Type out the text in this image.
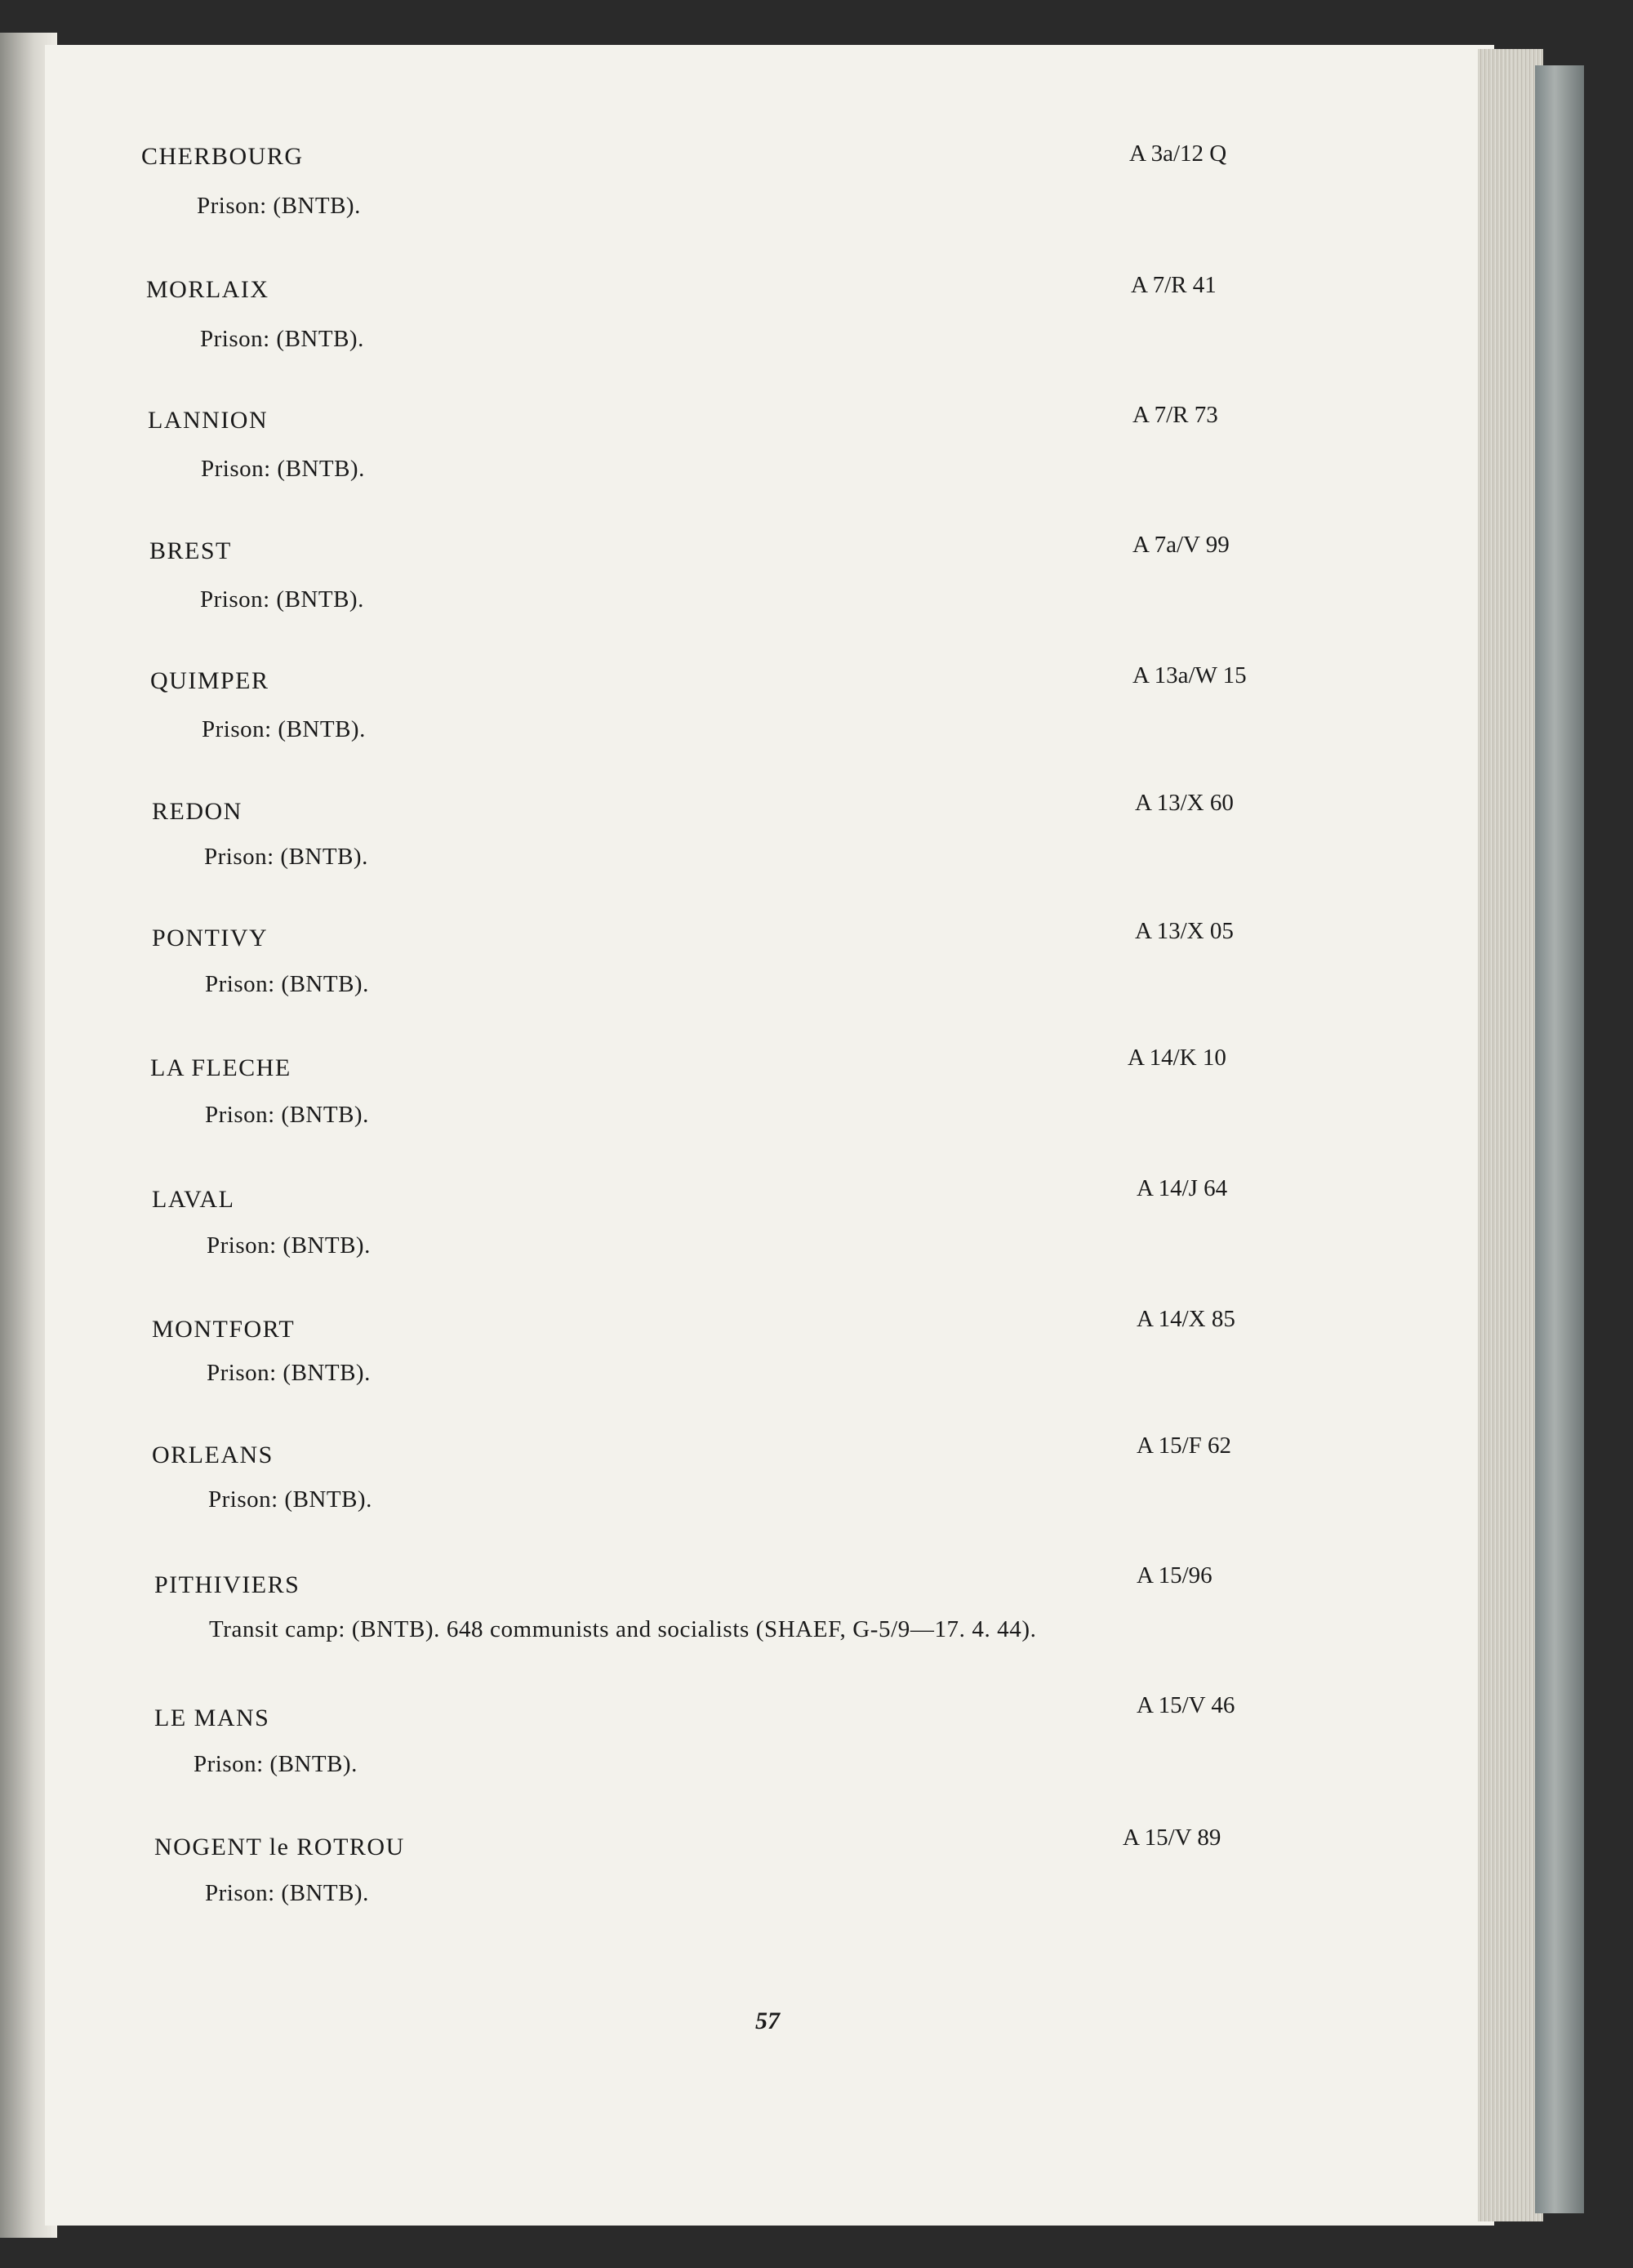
CHERBOURG	A 3a/12 Q
Prison: (BNTB).
MORLAIX	A 7/R 41
Prison: (BNTB).
LANNION	A 7/R 73
Prison: (BNTB).
BREST	A 7a/V 99
Prison: (BNTB).
QUIMPER	A 13a/W 15
Prison: (BNTB).
REDON	A 13/X 60
Prison: (BNTB).
PONTIVY	A 13/X 05
Prison: (BNTB).
LA FLECHE	A 14/K 10
Prison: (BNTB).
LAVAL	A 14/J 64
Prison: (BNTB).
MONTFORT	A 14/X 85
Prison: (BNTB).
ORLEANS	A 15/F 62
Prison: (BNTB).
PITHIVIERS	A 15/96
Transit camp: (BNTB). 648 communists and socialists (SHAEF, G-5/9—17. 4. 44).
LE MANS	A 15/V 46
Prison: (BNTB).
NOGENT le ROTROU	A 15/V 89
Prison: (BNTB).
57
